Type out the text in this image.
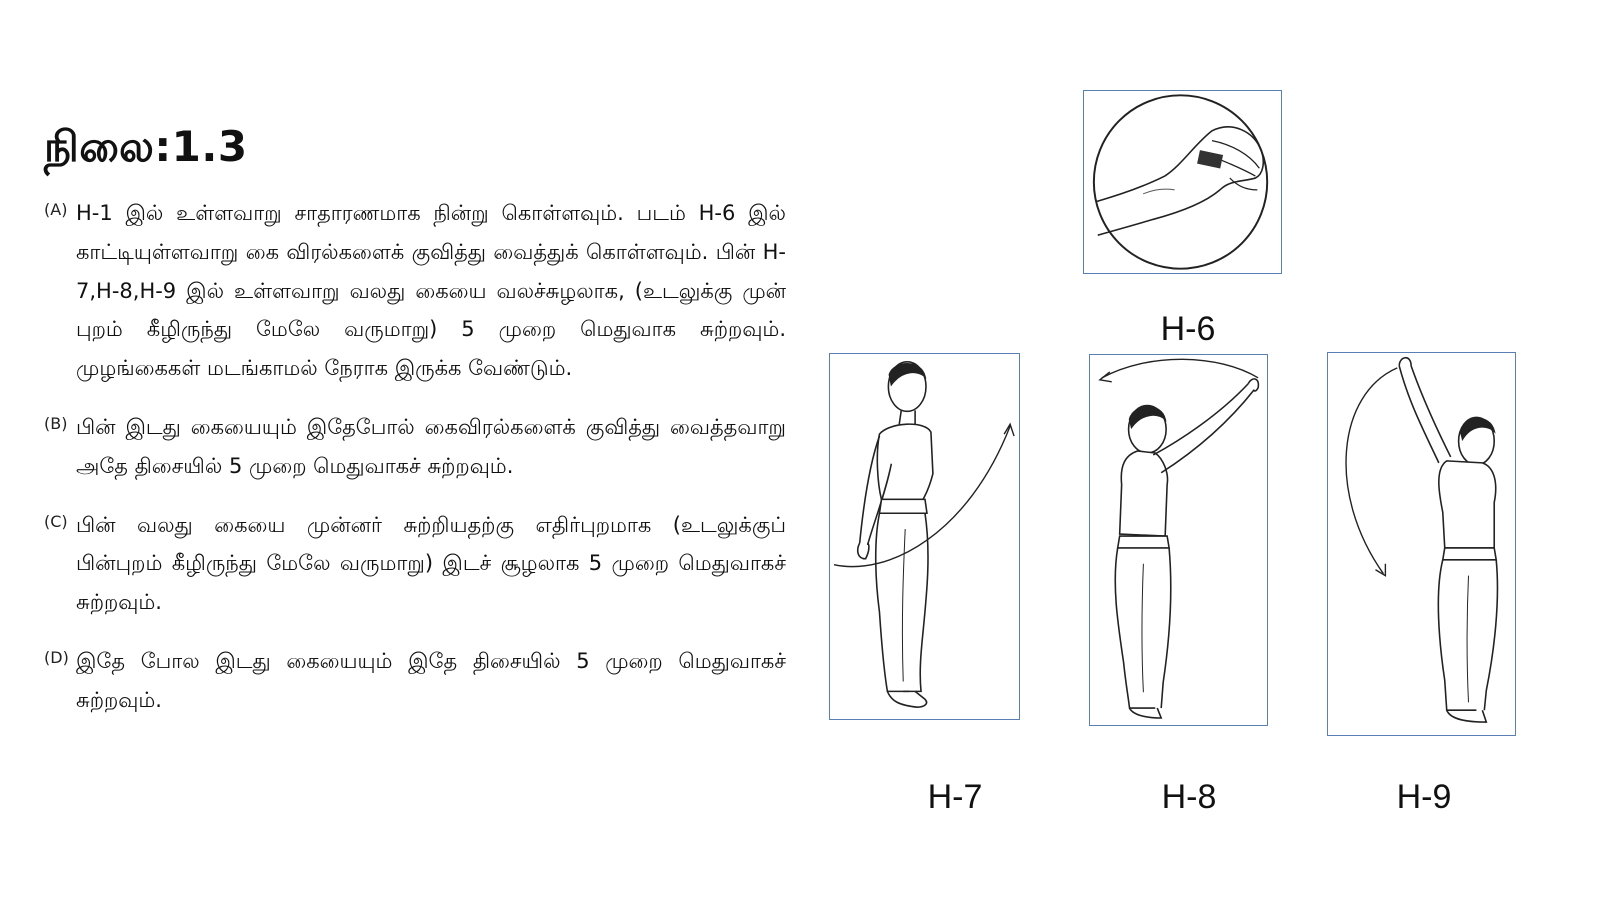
நிலை:1.3
(A) H-1 இல் உள்ளவாறு சாதாரணமாக நின்று கொள்ளவும். படம் H-6 இல் காட்டியுள்ளவாறு கை விரல்களைக் குவித்து வைத்துக் கொள்ளவும். பின் H-7,H-8,H-9 இல் உள்ளவாறு வலது கையை வலச்சுழலாக, (உடலுக்கு முன் புறம் கீழிருந்து மேலே வருமாறு) 5 முறை மெதுவாக சுற்றவும். முழங்கைகள் மடங்காமல் நேராக இருக்க வேண்டும்.
(B) பின் இடது கையையும் இதேபோல் கைவிரல்களைக் குவித்து வைத்தவாறு அதே திசையில் 5 முறை மெதுவாகச் சுற்றவும்.
(C) பின் வலது கையை முன்னர் சுற்றியதற்கு எதிர்புறமாக (உடலுக்குப் பின்புறம் கீழிருந்து மேலே வருமாறு) இடச் சூழலாக 5 முறை மெதுவாகச் சுற்றவும்.
(D) இதே போல இடது கையையும் இதே திசையில் 5 முறை மெதுவாகச் சுற்றவும்.
H-6
H-7	H-8	H-9
